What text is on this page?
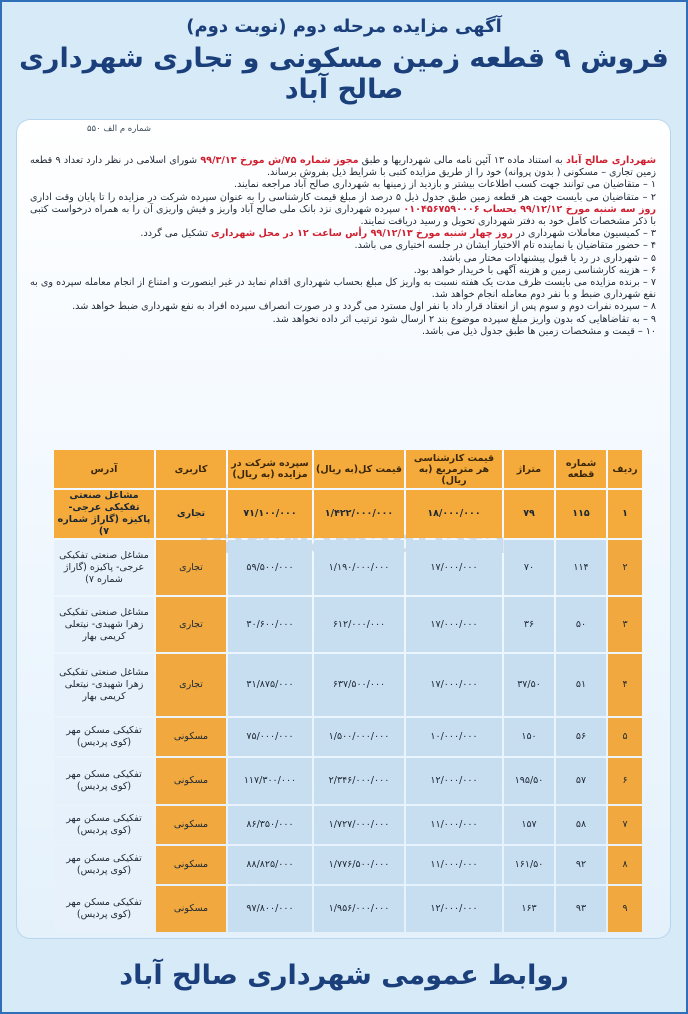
آگهی مزایده مرحله دوم (نوبت دوم)
فروش ۹ قطعه زمین مسکونی و تجاری شهرداری صالح آباد
شماره م الف ۵۵۰

شهرداری صالح آباد به استناد ماده ۱۳ آئین نامه مالی شهرداریها و طبق مجوز شماره ۷۵/ش مورخ ۹۹/۳/۱۳ شورای اسلامی در نظر دارد تعداد ۹ قطعه زمین تجاری – مسکونی ( بدون پروانه) خود را از طریق مزایده کتبی با شرایط ذیل بفروش برساند.

۱ – متقاضیان می توانند جهت کسب اطلاعات بیشتر و بازدید از زمینها به شهرداری صالح آباد مراجعه نمایند.

۲ – متقاضیان می بایست جهت هر قطعه زمین طبق جدول ذیل ۵ درصد از مبلغ قیمت کارشناسی را به عنوان سپرده شرکت در مزایده را تا پایان وقت اداری روز سه شنبه مورخ ۹۹/۱۲/۱۲ بحساب ۰۱۰۴۵۶۷۵۹۰۰۰۶ سپرده شهرداری نزد بانک ملی صالح آباد واریز و فیش واریزی آن را به همراه درخواست کتبی با ذکر مشخصات کامل خود به دفتر شهرداری تحویل و رسید دریافت نمایند.

۳ – کمیسیون معاملات شهرداری در روز چهار شنبه مورخ ۹۹/۱۲/۱۳ رأس ساعت ۱۲ در محل شهرداری تشکیل می گردد.

۴ – حضور متقاضیان یا نماینده تام الاختیار ایشان در جلسه اختیاری می باشد.

۵ – شهرداری در رد یا قبول پیشنهادات مختار می باشد.

۶ – هزینه کارشناسی زمین و هزینه آگهی با خریدار خواهد بود.

۷ – برنده مزایده می بایست ظرف مدت یک هفته نسبت به واریز کل مبلغ بحساب شهرداری اقدام نماید در غیر اینصورت و امتناع از انجام معامله سپرده وی به نفع شهرداری ضبط و با نفر دوم معامله انجام خواهد شد.

۸ – سپرده نفرات دوم و سوم پس از انعقاد قرار داد با نفر اول مسترد می گردد و در صورت انصراف سپرده افراد به نفع شهرداری ضبط خواهد شد.

۹ – به تقاضاهایی که بدون واریز مبلغ سپرده موضوع بند ۲ ارسال شود ترتیب اثر داده نخواهد شد.

۱۰ – قیمت و مشخصات زمین ها طبق جدول ذیل می باشد.

ردیف	شماره قطعه	متراژ	قیمت کارشناسی هر مترمربع (به ریال)	قیمت کل(به ریال)	سپرده شرکت در مزایده (به ریال)	کاربری	آدرس
۱	۱۱۵	۷۹	۱۸/۰۰۰/۰۰۰	۱/۴۲۲/۰۰۰/۰۰۰	۷۱/۱۰۰/۰۰۰	تجاری	مشاغل صنعتی تفکیکی عرجی- پاکیزه (گاراژ شماره ۷)
۲	۱۱۴	۷۰	۱۷/۰۰۰/۰۰۰	۱/۱۹۰/۰۰۰/۰۰۰	۵۹/۵۰۰/۰۰۰	تجاری	مشاغل صنعتی تفکیکی عرجی- پاکیزه (گاراژ شماره ۷)
۳	۵۰	۳۶	۱۷/۰۰۰/۰۰۰	۶۱۲/۰۰۰/۰۰۰	۳۰/۶۰۰/۰۰۰	تجاری	مشاغل صنعتی تفکیکی زهرا شهیدی- نیتعلی کریمی بهار
۴	۵۱	۳۷/۵۰	۱۷/۰۰۰/۰۰۰	۶۳۷/۵۰۰/۰۰۰	۳۱/۸۷۵/۰۰۰	تجاری	مشاغل صنعتی تفکیکی زهرا شهیدی- نیتعلی کریمی بهار
۵	۵۶	۱۵۰	۱۰/۰۰۰/۰۰۰	۱/۵۰۰/۰۰۰/۰۰۰	۷۵/۰۰۰/۰۰۰	مسکونی	تفکیکی مسکن مهر (کوی پردیس)
۶	۵۷	۱۹۵/۵۰	۱۲/۰۰۰/۰۰۰	۲/۳۴۶/۰۰۰/۰۰۰	۱۱۷/۳۰۰/۰۰۰	مسکونی	تفکیکی مسکن مهر (کوی پردیس)
۷	۵۸	۱۵۷	۱۱/۰۰۰/۰۰۰	۱/۷۲۷/۰۰۰/۰۰۰	۸۶/۳۵۰/۰۰۰	مسکونی	تفکیکی مسکن مهر (کوی پردیس)
۸	۹۲	۱۶۱/۵۰	۱۱/۰۰۰/۰۰۰	۱/۷۷۶/۵۰۰/۰۰۰	۸۸/۸۲۵/۰۰۰	مسکونی	تفکیکی مسکن مهر (کوی پردیس)
۹	۹۳	۱۶۳	۱۲/۰۰۰/۰۰۰	۱/۹۵۶/۰۰۰/۰۰۰	۹۷/۸۰۰/۰۰۰	مسکونی	تفکیکی مسکن مهر (کوی پردیس)
روابط عمومی شهرداری صالح آباد
